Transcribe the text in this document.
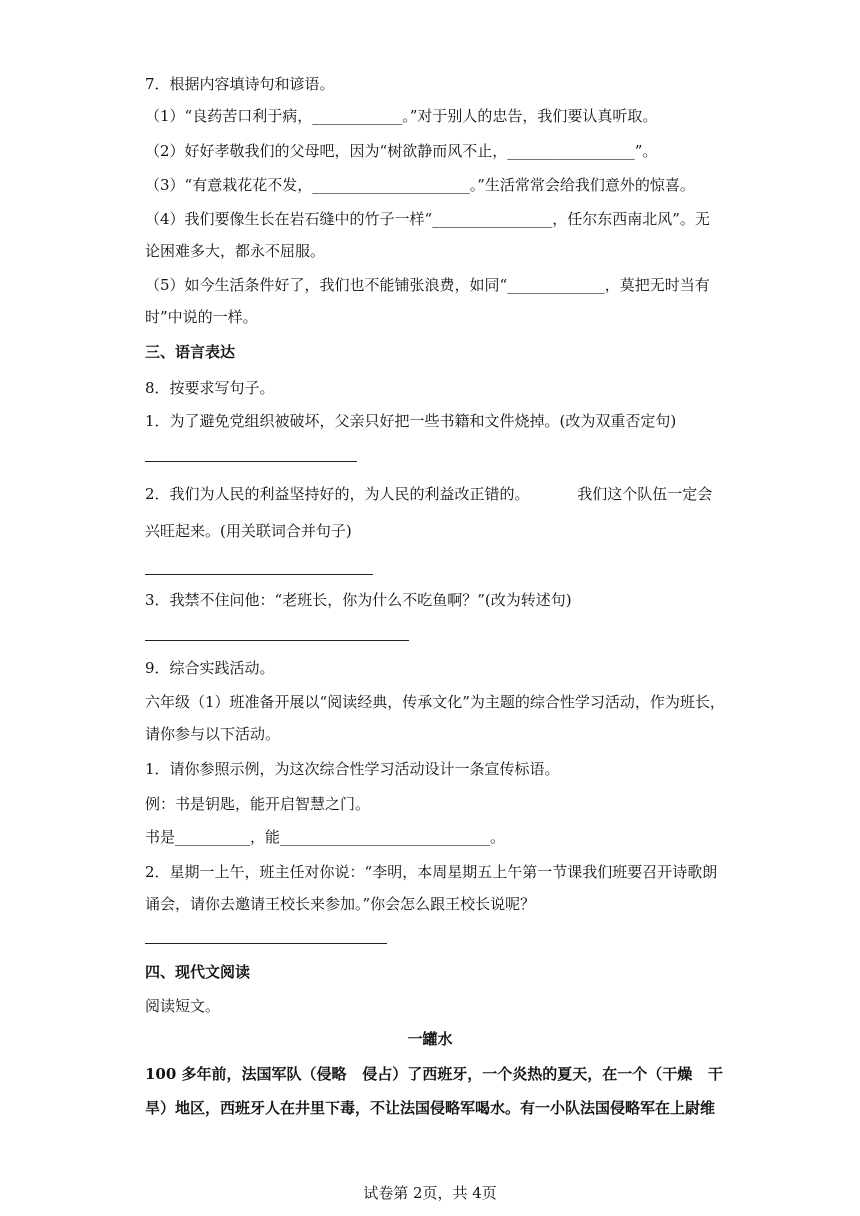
7．根据内容填诗句和谚语。
（1）“良药苦口利于病，____________。”对于别人的忠告，我们要认真听取。
（2）好好孝敬我们的父母吧，因为“树欲静而风不止，_________________”。
（3）“有意栽花花不发，_____________________。”生活常常会给我们意外的惊喜。
（4）我们要像生长在岩石缝中的竹子一样“________________，任尔东西南北风”。无
论困难多大，都永不屈服。
（5）如今生活条件好了，我们也不能铺张浪费，如同“_____________，莫把无时当有
时”中说的一样。
三、语言表达
8．按要求写句子。
1．为了避免党组织被破坏，父亲只好把一些书籍和文件烧掉。(改为双重否定句)
2．我们为人民的利益坚持好的，为人民的利益改正错的。          我们这个队伍一定会
兴旺起来。(用关联词合并句子)
3．我禁不住问他：“老班长，你为什么不吃鱼啊？”(改为转述句)
9．综合实践活动。
六年级（1）班准备开展以“阅读经典，传承文化”为主题的综合性学习活动，作为班长，
请你参与以下活动。
1．请你参照示例，为这次综合性学习活动设计一条宣传标语。
例：书是钥匙，能开启智慧之门。
书是__________，能____________________________。
2．星期一上午，班主任对你说：“李明，本周星期五上午第一节课我们班要召开诗歌朗
诵会，请你去邀请王校长来参加。”你会怎么跟王校长说呢？
四、现代文阅读
阅读短文。
一罐水
100 多年前，法国军队（侵略   侵占）了西班牙，一个炎热的夏天，在一个（干燥   干
旱）地区，西班牙人在井里下毒，不让法国侵略军喝水。有一小队法国侵略军在上尉维
试卷第 2页，共 4页
